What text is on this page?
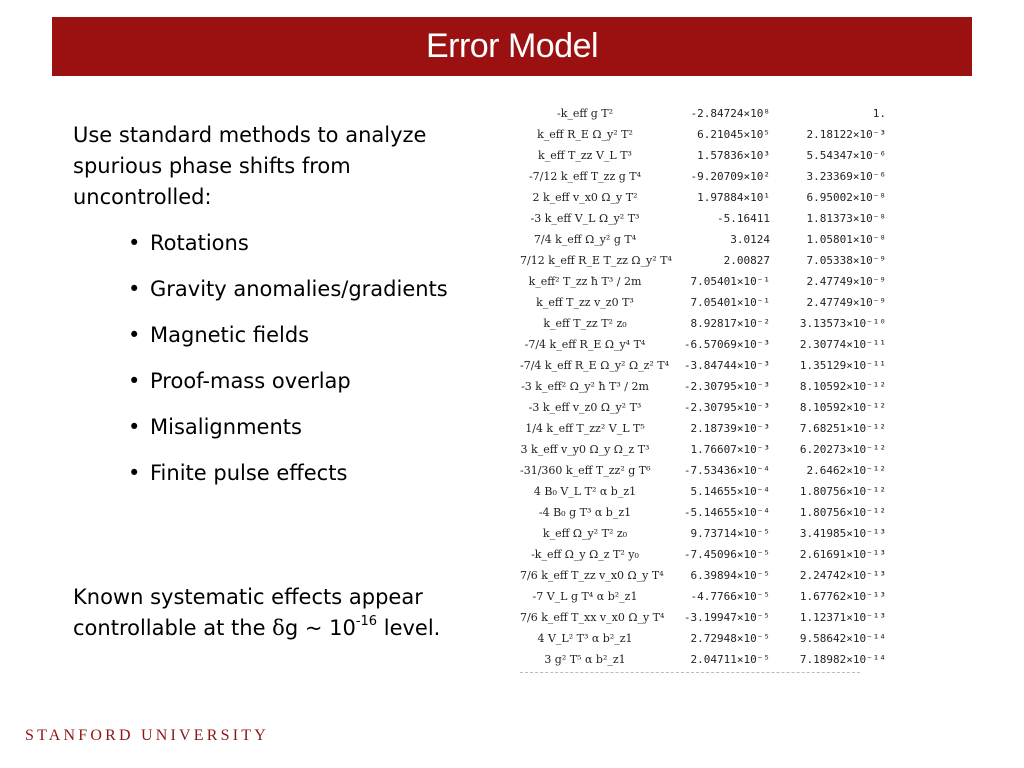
Error Model

Use standard methods to analyze spurious phase shifts from uncontrolled:

• Rotations
• Gravity anomalies/gradients
• Magnetic fields
• Proof-mass overlap
• Misalignments
• Finite pulse effects

Known systematic effects appear controllable at the δg ~ $10^{-16}$ level.

-k_eff g T²	-2.84724×10⁸	1.
k_eff R_E Ω_y² T²	6.21045×10⁵	2.18122×10⁻³
k_eff T_zz V_L T³	1.57836×10³	5.54347×10⁻⁶
-7/12 k_eff T_zz g T⁴	-9.20709×10²	3.23369×10⁻⁶
2 k_eff v_x0 Ω_y T²	1.97884×10¹	6.95002×10⁻⁸
-3 k_eff V_L Ω_y² T³	-5.16411	1.81373×10⁻⁸
7/4 k_eff Ω_y² g T⁴	3.0124	1.05801×10⁻⁸
7/12 k_eff R_E T_zz Ω_y² T⁴	2.00827	7.05338×10⁻⁹
k_eff² T_zz ħ T³ / 2m	7.05401×10⁻¹	2.47749×10⁻⁹
k_eff T_zz v_z0 T³	7.05401×10⁻¹	2.47749×10⁻⁹
k_eff T_zz T² z₀	8.92817×10⁻²	3.13573×10⁻¹⁰
-7/4 k_eff R_E Ω_y⁴ T⁴	-6.57069×10⁻³	2.30774×10⁻¹¹
-7/4 k_eff R_E Ω_y² Ω_z² T⁴	-3.84744×10⁻³	1.35129×10⁻¹¹
-3 k_eff² Ω_y² ħ T³ / 2m	-2.30795×10⁻³	8.10592×10⁻¹²
-3 k_eff v_z0 Ω_y² T³	-2.30795×10⁻³	8.10592×10⁻¹²
1/4 k_eff T_zz² V_L T⁵	2.18739×10⁻³	7.68251×10⁻¹²
3 k_eff v_y0 Ω_y Ω_z T³	1.76607×10⁻³	6.20273×10⁻¹²
-31/360 k_eff T_zz² g T⁶	-7.53436×10⁻⁴	2.6462×10⁻¹²
4 B₀ V_L T² α b_z1	5.14655×10⁻⁴	1.80756×10⁻¹²
-4 B₀ g T³ α b_z1	-5.14655×10⁻⁴	1.80756×10⁻¹²
k_eff Ω_y² T² z₀	9.73714×10⁻⁵	3.41985×10⁻¹³
-k_eff Ω_y Ω_z T² y₀	-7.45096×10⁻⁵	2.61691×10⁻¹³
7/6 k_eff T_zz v_x0 Ω_y T⁴	6.39894×10⁻⁵	2.24742×10⁻¹³
-7 V_L g T⁴ α b²_z1	-4.7766×10⁻⁵	1.67762×10⁻¹³
7/6 k_eff T_xx v_x0 Ω_y T⁴	-3.19947×10⁻⁵	1.12371×10⁻¹³
4 V_L² T³ α b²_z1	2.72948×10⁻⁵	9.58642×10⁻¹⁴
3 g² T⁵ α b²_z1	2.04711×10⁻⁵	7.18982×10⁻¹⁴
STANFORD UNIVERSITY
